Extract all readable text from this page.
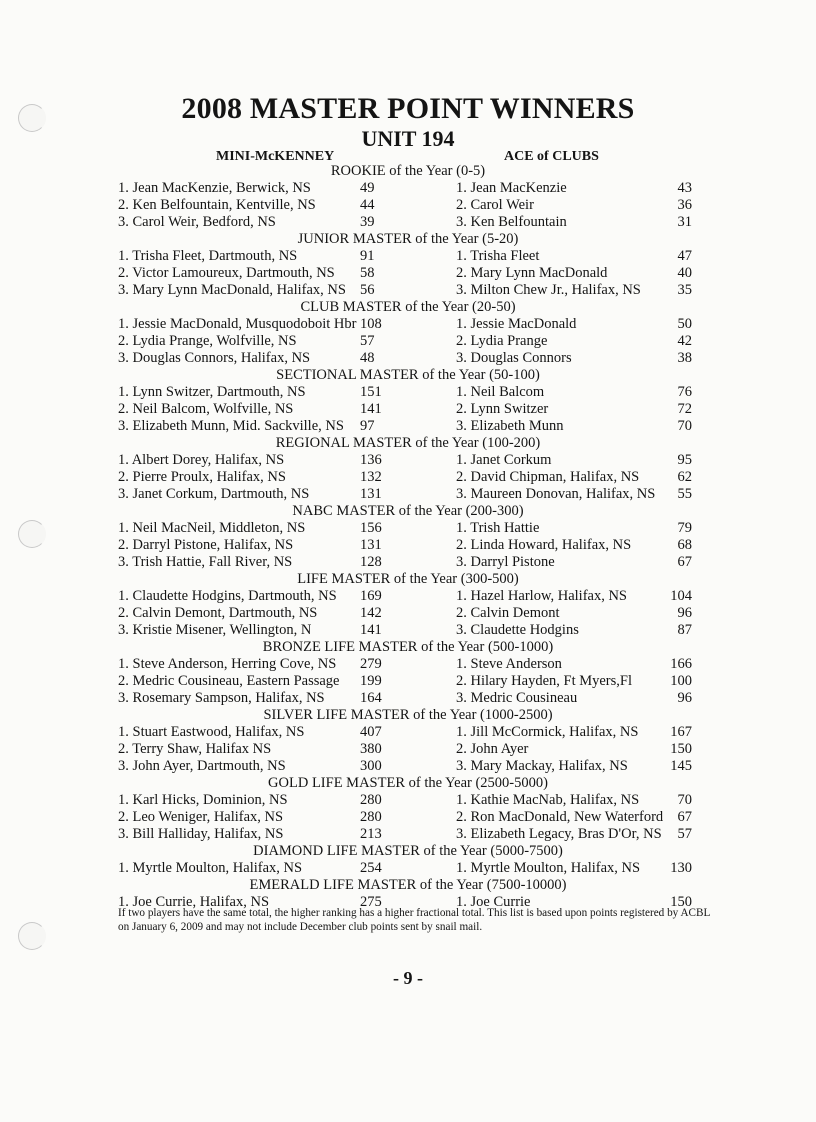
2008 MASTER POINT WINNERS
UNIT 194
MINI-McKENNEY	ACE of CLUBS
ROOKIE of the Year (0-5)
1. Jean MacKenzie, Berwick, NS	49	1. Jean MacKenzie	43
2. Ken Belfountain, Kentville, NS	44	2. Carol Weir	36
3. Carol Weir, Bedford, NS	39	3. Ken Belfountain	31
JUNIOR MASTER of the Year (5-20)
1. Trisha Fleet, Dartmouth, NS	91	1. Trisha Fleet	47
2. Victor Lamoureux, Dartmouth, NS 58	2. Mary Lynn MacDonald	40
3. Mary Lynn MacDonald, Halifax, NS 56	3. Milton Chew Jr., Halifax, NS	35
CLUB MASTER of the Year (20-50)
1. Jessie MacDonald, Musquodoboit Hbr 108	1. Jessie MacDonald	50
2. Lydia Prange, Wolfville, NS	57	2. Lydia Prange	42
3. Douglas Connors, Halifax, NS	48	3. Douglas Connors	38
SECTIONAL MASTER of the Year (50-100)
1. Lynn Switzer, Dartmouth, NS	151	1. Neil Balcom	76
2. Neil Balcom, Wolfville, NS	141	2. Lynn Switzer	72
3. Elizabeth Munn, Mid. Sackville, NS 97	3. Elizabeth Munn	70
REGIONAL MASTER of the Year (100-200)
1. Albert Dorey, Halifax, NS	136	1. Janet Corkum	95
2. Pierre Proulx, Halifax, NS	132	2. David Chipman, Halifax, NS	62
3. Janet Corkum, Dartmouth, NS	131	3. Maureen Donovan, Halifax, NS 55
NABC MASTER of the Year (200-300)
1. Neil MacNeil, Middleton, NS	156	1. Trish Hattie	79
2. Darryl Pistone, Halifax, NS	131	2. Linda Howard, Halifax, NS	68
3. Trish Hattie, Fall River, NS	128	3. Darryl Pistone	67
LIFE MASTER of the Year (300-500)
1. Claudette Hodgins, Dartmouth, NS 169	1. Hazel Harlow, Halifax, NS	104
2. Calvin Demont, Dartmouth, NS	142	2. Calvin Demont	96
3. Kristie Misener, Wellington, N	141	3. Claudette Hodgins	87
BRONZE LIFE MASTER of the Year (500-1000)
1. Steve Anderson, Herring Cove, NS 279	1. Steve Anderson	166
2. Medric Cousineau, Eastern Passage 199	2. Hilary Hayden, Ft Myers,Fl	100
3. Rosemary Sampson, Halifax, NS 164	3. Medric Cousineau	96
SILVER LIFE MASTER of the Year (1000-2500)
1. Stuart Eastwood, Halifax, NS	407	1. Jill McCormick, Halifax, NS 167
2. Terry Shaw, Halifax NS	380	2. John Ayer	150
3. John Ayer, Dartmouth, NS	300	3. Mary Mackay, Halifax, NS	145
GOLD LIFE MASTER of the Year (2500-5000)
1. Karl Hicks, Dominion, NS	280	1. Kathie MacNab, Halifax, NS	70
2. Leo Weniger, Halifax, NS	280	2. Ron MacDonald, New Waterford 67
3. Bill Halliday, Halifax, NS	213	3. Elizabeth Legacy, Bras D'Or, NS 57
DIAMOND LIFE MASTER of the Year (5000-7500)
1. Myrtle Moulton, Halifax, NS	254	1. Myrtle Moulton, Halifax, NS 130
EMERALD LIFE MASTER of the Year (7500-10000)
1. Joe Currie, Halifax, NS	275	1. Joe Currie	150
If two players have the same total, the higher ranking has a higher fractional total. This list is based upon points registered by ACBL on January 6, 2009 and may not include December club points sent by snail mail.
- 9 -
